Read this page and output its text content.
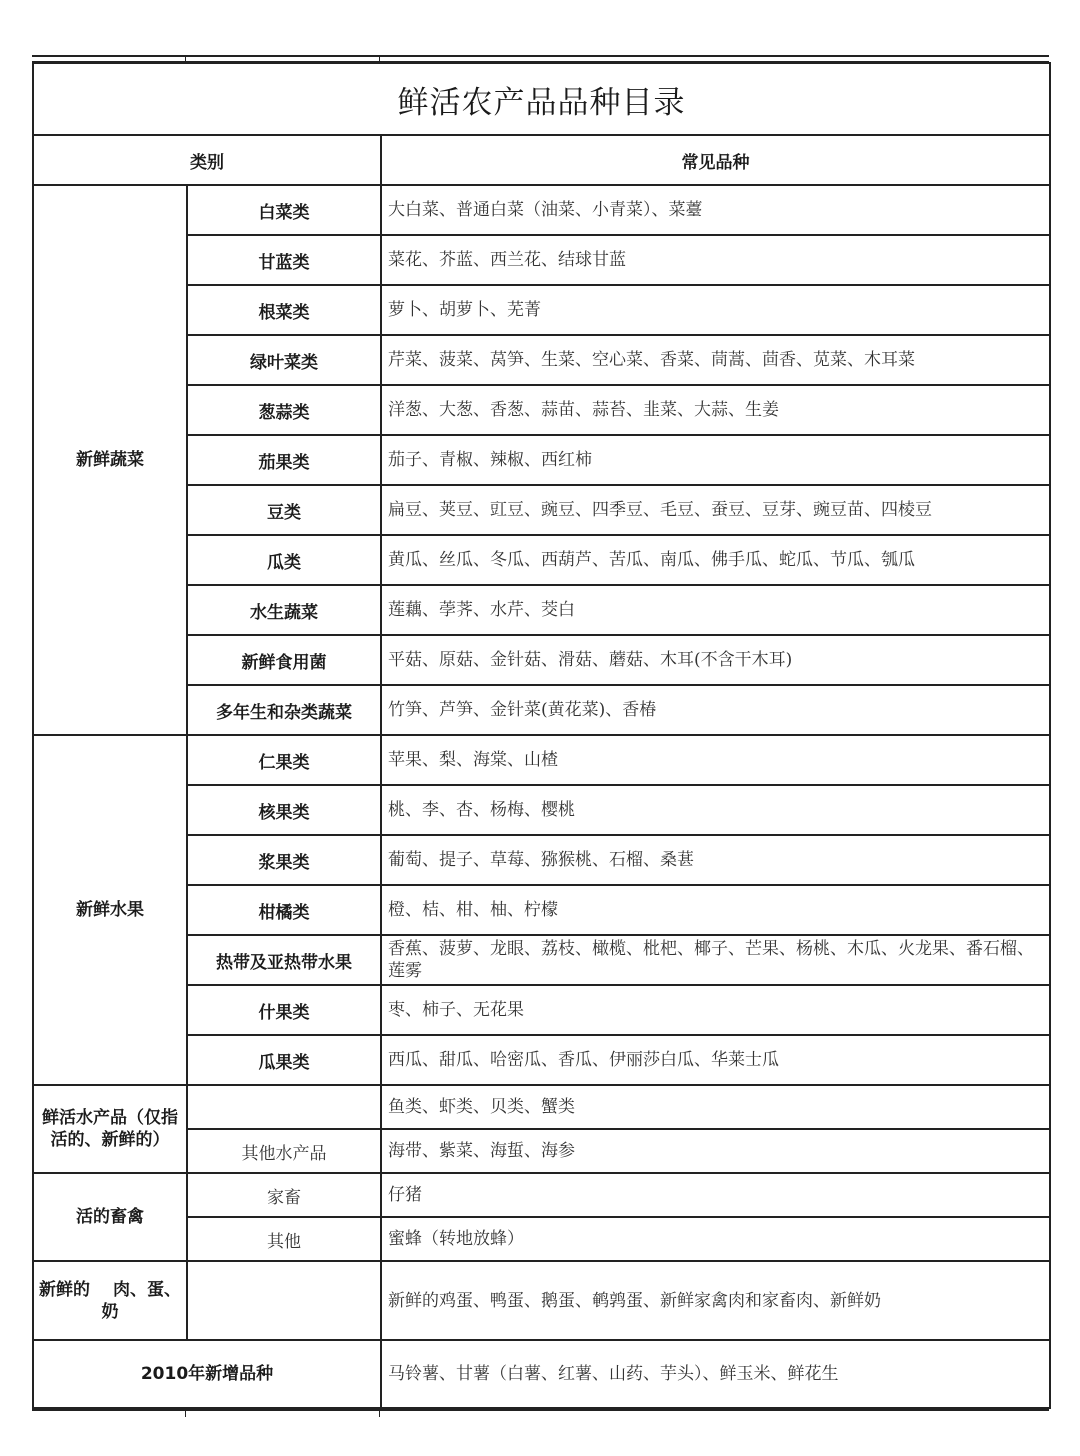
鲜活农产品品种目录		
类别		常见品种
新鲜蔬菜	白菜类	大白菜、普通白菜（油菜、小青菜）、菜薹
	甘蓝类	菜花、芥蓝、西兰花、结球甘蓝
	根菜类	萝卜、胡萝卜、芜菁
	绿叶菜类	芹菜、菠菜、莴笋、生菜、空心菜、香菜、茼蒿、茴香、苋菜、木耳菜
	葱蒜类	洋葱、大葱、香葱、蒜苗、蒜苔、韭菜、大蒜、生姜
	茄果类	茄子、青椒、辣椒、西红柿
	豆类	扁豆、荚豆、豇豆、豌豆、四季豆、毛豆、蚕豆、豆芽、豌豆苗、四棱豆
	瓜类	黄瓜、丝瓜、冬瓜、西葫芦、苦瓜、南瓜、佛手瓜、蛇瓜、节瓜、瓠瓜
	水生蔬菜	莲藕、荸荠、水芹、茭白
	新鲜食用菌	平菇、原菇、金针菇、滑菇、蘑菇、木耳(不含干木耳)
	多年生和杂类蔬菜	竹笋、芦笋、金针菜(黄花菜)、香椿
新鲜水果	仁果类	苹果、梨、海棠、山楂
	核果类	桃、李、杏、杨梅、樱桃
	浆果类	葡萄、提子、草莓、猕猴桃、石榴、桑葚
	柑橘类	橙、桔、柑、柚、柠檬
	热带及亚热带水果	香蕉、菠萝、龙眼、荔枝、橄榄、枇杷、椰子、芒果、杨桃、木瓜、火龙果、番石榴、莲雾
	什果类	枣、柿子、无花果
	瓜果类	西瓜、甜瓜、哈密瓜、香瓜、伊丽莎白瓜、华莱士瓜
鲜活水产品（仅指活的、新鲜的）		鱼类、虾类、贝类、蟹类
	其他水产品	海带、紫菜、海蜇、海参
活的畜禽	家畜	仔猪
	其他	蜜蜂（转地放蜂）
新鲜的　 肉、蛋、奶		新鲜的鸡蛋、鸭蛋、鹅蛋、鹌鹑蛋、新鲜家禽肉和家畜肉、新鲜奶
2010年新增品种		马铃薯、甘薯（白薯、红薯、山药、芋头）、鲜玉米、鲜花生
